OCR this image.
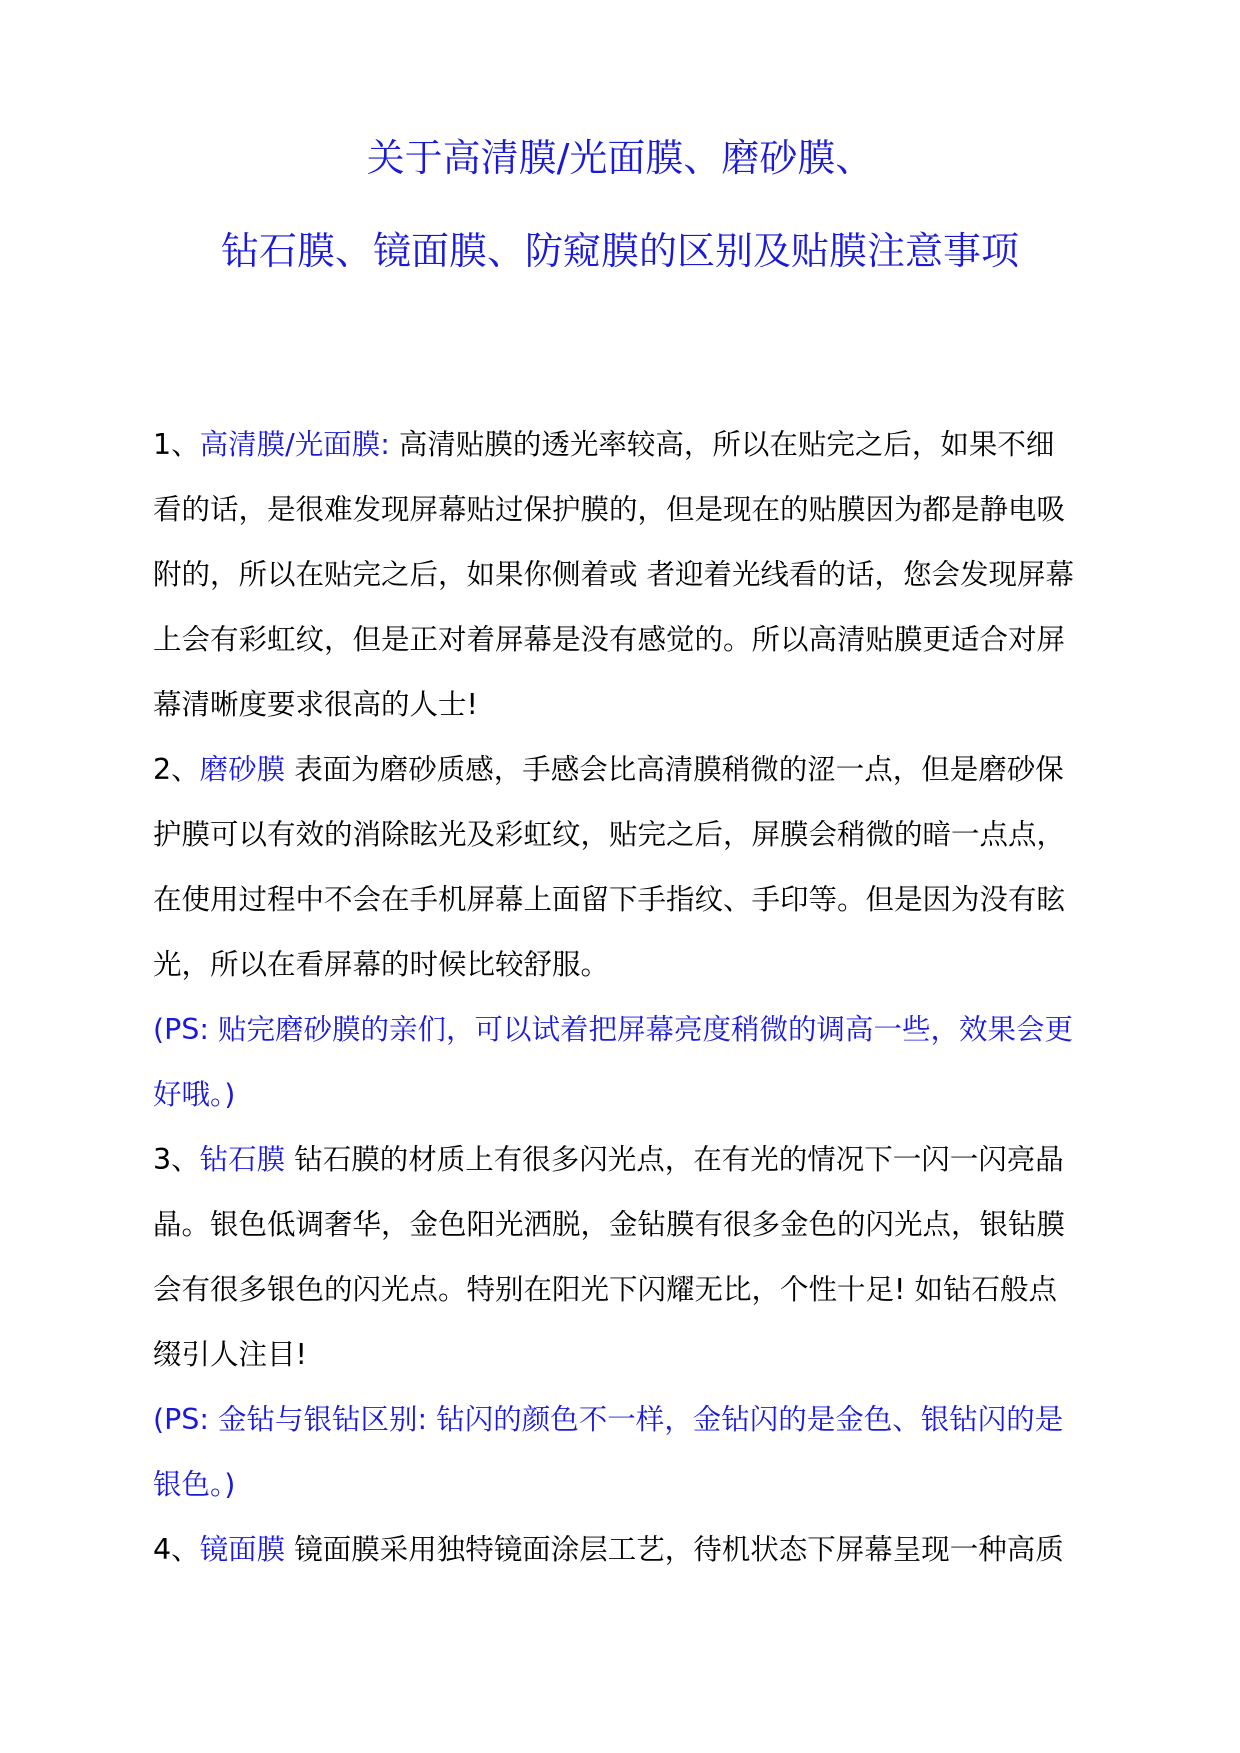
关于高清膜/光面膜、磨砂膜、
钻石膜、镜面膜、防窥膜的区别及贴膜注意事项
1、高清膜/光面膜: 高清贴膜的透光率较高，所以在贴完之后，如果不细
看的话，是很难发现屏幕贴过保护膜的，但是现在的贴膜因为都是静电吸
附的，所以在贴完之后，如果你侧着或 者迎着光线看的话，您会发现屏幕
上会有彩虹纹，但是正对着屏幕是没有感觉的。所以高清贴膜更适合对屏
幕清晰度要求很高的人士!
2、磨砂膜 表面为磨砂质感，手感会比高清膜稍微的涩一点，但是磨砂保
护膜可以有效的消除眩光及彩虹纹，贴完之后，屏膜会稍微的暗一点点，
在使用过程中不会在手机屏幕上面留下手指纹、手印等。但是因为没有眩
光，所以在看屏幕的时候比较舒服。
(PS: 贴完磨砂膜的亲们，可以试着把屏幕亮度稍微的调高一些，效果会更
好哦。)
3、钻石膜 钻石膜的材质上有很多闪光点，在有光的情况下一闪一闪亮晶
晶。银色低调奢华，金色阳光洒脱，金钻膜有很多金色的闪光点，银钻膜
会有很多银色的闪光点。特别在阳光下闪耀无比，个性十足! 如钻石般点
缀引人注目!
(PS: 金钻与银钻区别: 钻闪的颜色不一样，金钻闪的是金色、银钻闪的是
银色。)
4、镜面膜 镜面膜采用独特镜面涂层工艺，待机状态下屏幕呈现一种高质
